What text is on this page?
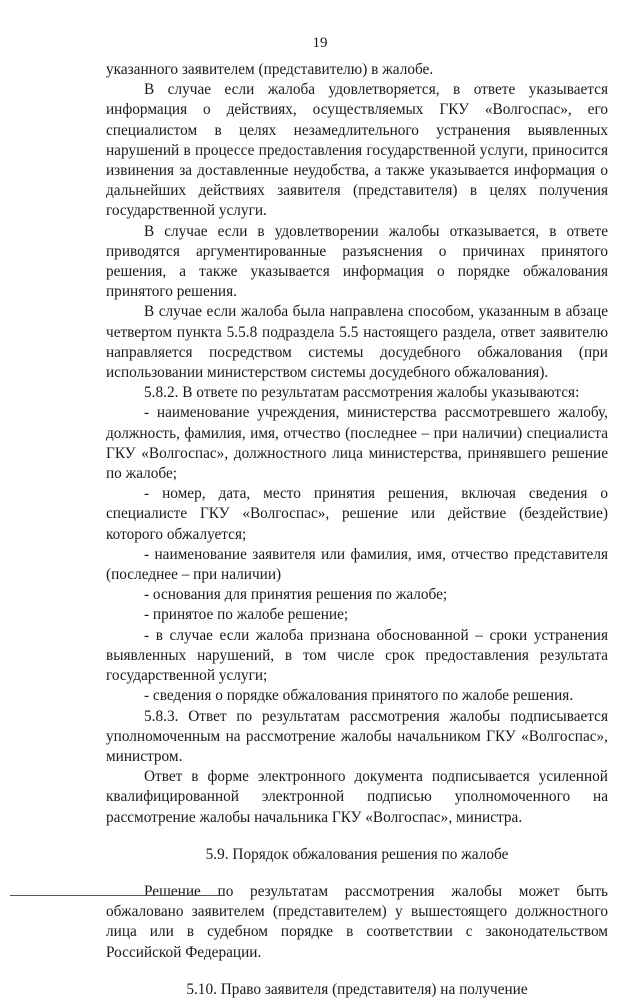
19

указанного заявителем (представителю) в жалобе.

В случае если жалоба удовлетворяется, в ответе указывается информация о действиях, осуществляемых ГКУ «Волгоспас», его специалистом в целях незамедлительного устранения выявленных нарушений в процессе предоставления государственной услуги, приносится извинения за доставленные неудобства, а также указывается информация о дальнейших действиях заявителя (представителя) в целях получения государственной услуги.

В случае если в удовлетворении жалобы отказывается, в ответе приводятся аргументированные разъяснения о причинах принятого решения, а также указывается информация о порядке обжалования принятого решения.

В случае если жалоба была направлена способом, указанным в абзаце четвертом пункта 5.5.8 подраздела 5.5 настоящего раздела, ответ заявителю направляется посредством системы досудебного обжалования (при использовании министерством системы досудебного обжалования).

5.8.2. В ответе по результатам рассмотрения жалобы указываются:

- наименование учреждения, министерства рассмотревшего жалобу, должность, фамилия, имя, отчество (последнее – при наличии) специалиста ГКУ «Волгоспас», должностного лица министерства, принявшего решение по жалобе;

- номер, дата, место принятия решения, включая сведения о специалисте ГКУ «Волгоспас», решение или действие (бездействие) которого обжалуется;

- наименование заявителя или фамилия, имя, отчество представителя (последнее – при наличии)

- основания для принятия решения по жалобе;

- принятое по жалобе решение;

- в случае если жалоба признана обоснованной – сроки устранения выявленных нарушений, в том числе срок предоставления результата государственной услуги;

- сведения о порядке обжалования принятого по жалобе решения.

5.8.3. Ответ по результатам рассмотрения жалобы подписывается уполномоченным на рассмотрение жалобы начальником ГКУ «Волгоспас», министром.

Ответ в форме электронного документа подписывается усиленной квалифицированной электронной подписью уполномоченного на рассмотрение жалобы начальника ГКУ «Волгоспас», министра.

5.9. Порядок обжалования решения по жалобе

Решение по результатам рассмотрения жалобы может быть обжаловано заявителем (представителем) у вышестоящего должностного лица или в судебном порядке в соответствии с законодательством Российской Федерации.

5.10. Право заявителя (представителя) на получение
